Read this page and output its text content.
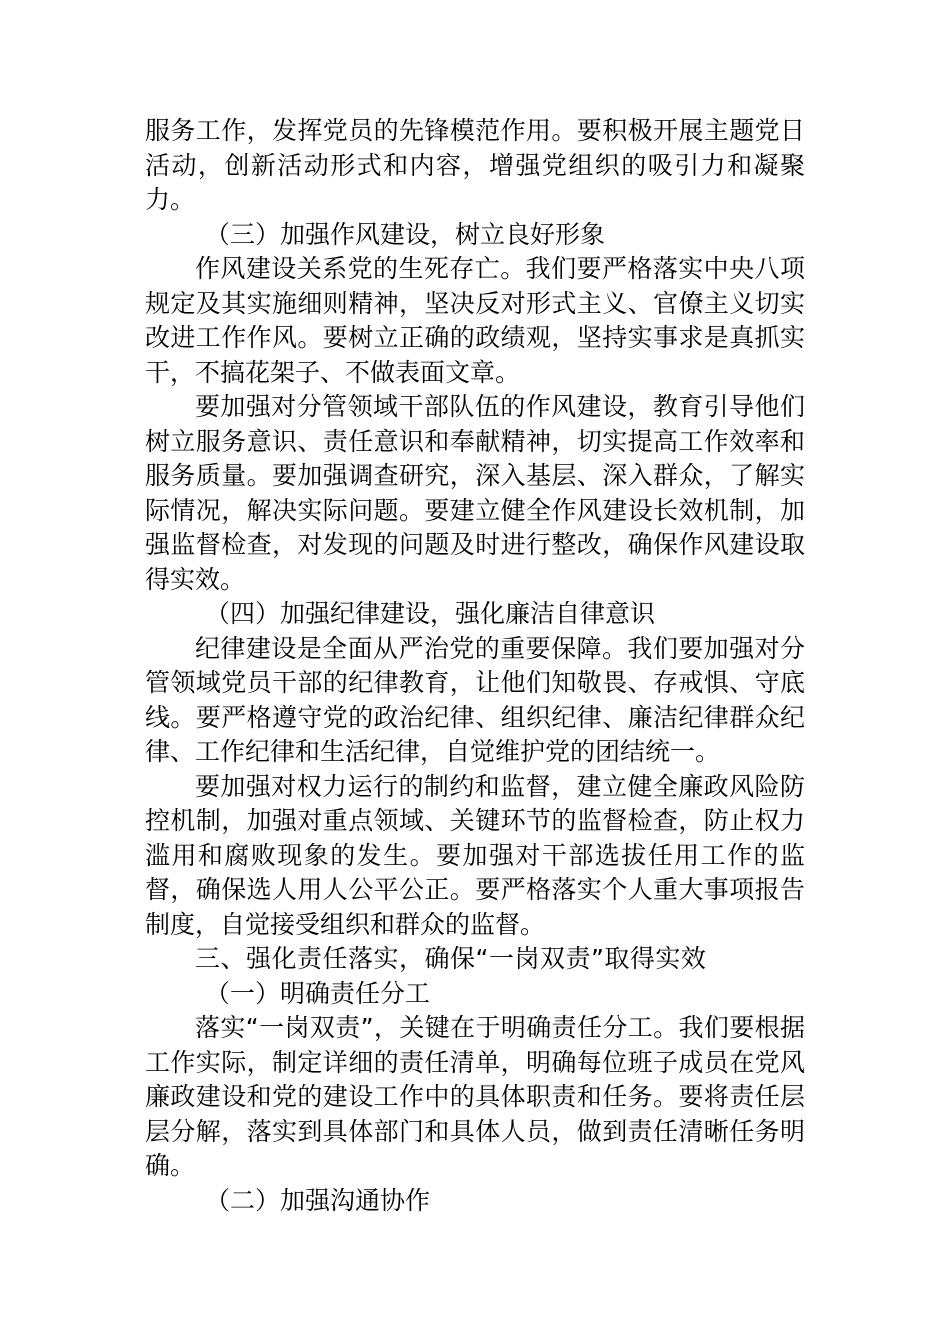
服务工作，发挥党员的先锋模范作用。要积极开展主题党日活动，创新活动形式和内容，增强党组织的吸引力和凝聚力。

（三）加强作风建设，树立良好形象

作风建设关系党的生死存亡。我们要严格落实中央八项规定及其实施细则精神，坚决反对形式主义、官僚主义切实改进工作作风。要树立正确的政绩观，坚持实事求是真抓实干，不搞花架子、不做表面文章。

要加强对分管领域干部队伍的作风建设，教育引导他们树立服务意识、责任意识和奉献精神，切实提高工作效率和服务质量。要加强调查研究，深入基层、深入群众，了解实际情况，解决实际问题。要建立健全作风建设长效机制，加强监督检查，对发现的问题及时进行整改，确保作风建设取得实效。

（四）加强纪律建设，强化廉洁自律意识

纪律建设是全面从严治党的重要保障。我们要加强对分管领域党员干部的纪律教育，让他们知敬畏、存戒惧、守底线。要严格遵守党的政治纪律、组织纪律、廉洁纪律群众纪律、工作纪律和生活纪律，自觉维护党的团结统一。

要加强对权力运行的制约和监督，建立健全廉政风险防控机制，加强对重点领域、关键环节的监督检查，防止权力滥用和腐败现象的发生。要加强对干部选拔任用工作的监督，确保选人用人公平公正。要严格落实个人重大事项报告制度，自觉接受组织和群众的监督。

三、强化责任落实，确保“一岗双责”取得实效

（一）明确责任分工

落实“一岗双责”，关键在于明确责任分工。我们要根据工作实际，制定详细的责任清单，明确每位班子成员在党风廉政建设和党的建设工作中的具体职责和任务。要将责任层层分解，落实到具体部门和具体人员，做到责任清晰任务明确。

（二）加强沟通协作
